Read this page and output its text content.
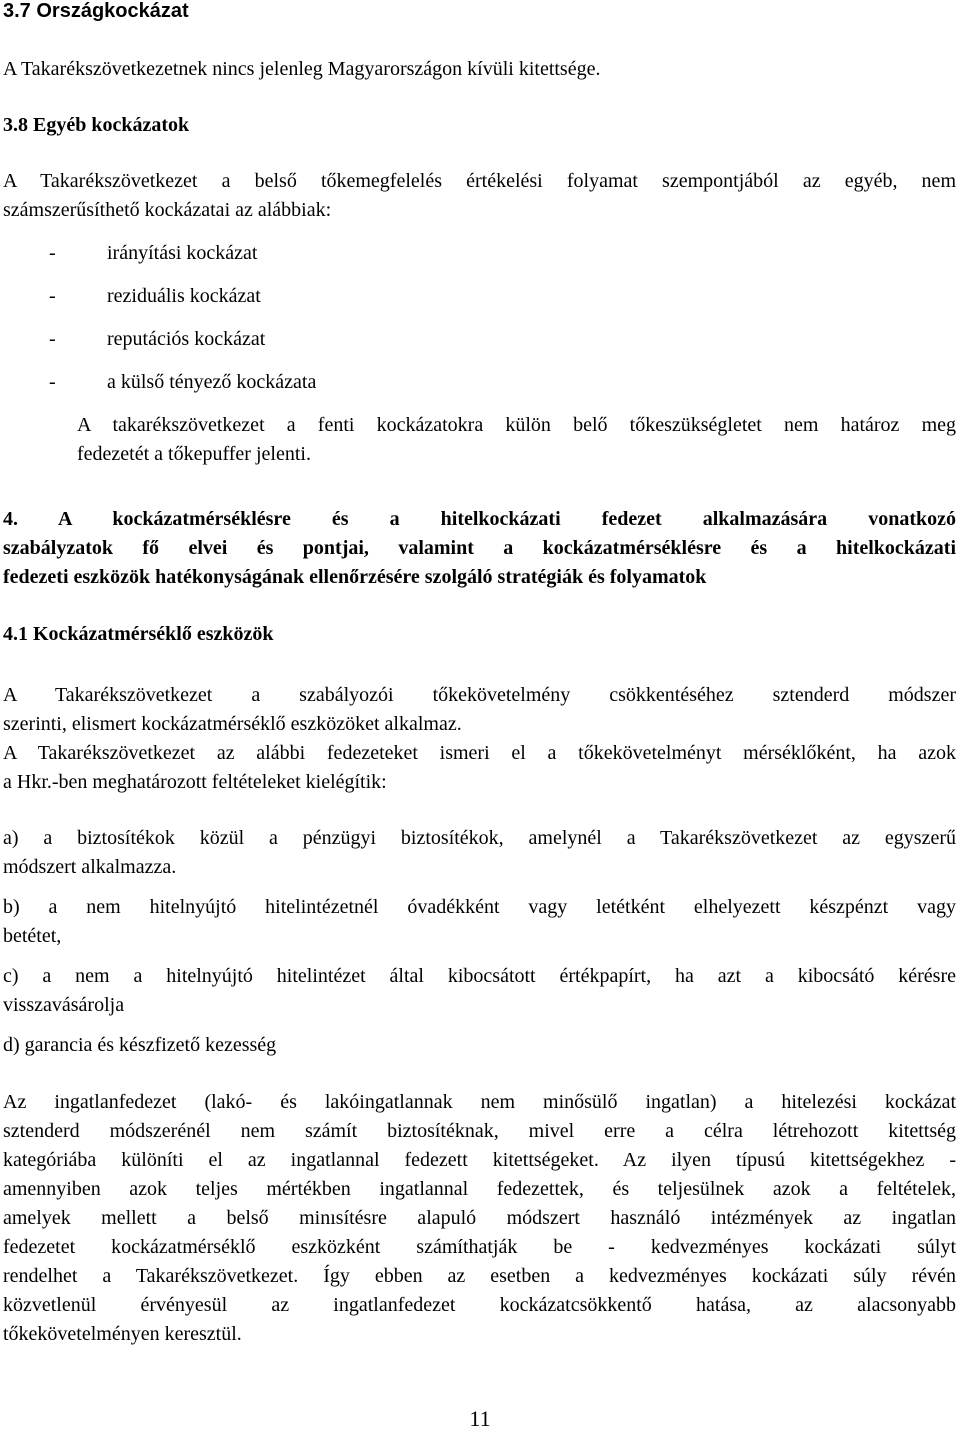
3.7 Országkockázat
A Takarékszövetkezetnek nincs jelenleg Magyarországon kívüli kitettsége.
3.8 Egyéb kockázatok
A Takarékszövetkezet a belső tőkemegfelelés értékelési folyamat szempontjából az egyéb, nem
számszerűsíthető kockázatai az alábbiak:
-	irányítási kockázat
-	reziduális kockázat
-	reputációs kockázat
-	a külső tényező kockázata
A takarékszövetkezet a fenti kockázatokra külön belő tőkeszükségletet nem határoz meg
fedezetét a tőkepuffer jelenti.
4. A kockázatmérséklésre és a hitelkockázati fedezet alkalmazására vonatkozó
szabályzatok fő elvei és pontjai, valamint a kockázatmérséklésre és a hitelkockázati
fedezeti eszközök hatékonyságának ellenőrzésére szolgáló stratégiák és folyamatok
4.1 Kockázatmérséklő eszközök
A Takarékszövetkezet a szabályozói tőkekövetelmény csökkentéséhez sztenderd módszer
szerinti, elismert kockázatmérséklő eszközöket alkalmaz.
A Takarékszövetkezet az alábbi fedezeteket ismeri el a tőkekövetelményt mérséklőként, ha azok
a Hkr.-ben meghatározott feltételeket kielégítik:
a) a biztosítékok közül a pénzügyi biztosítékok, amelynél a Takarékszövetkezet az egyszerű
módszert alkalmazza.
b) a nem hitelnyújtó hitelintézetnél óvadékként vagy letétként elhelyezett készpénzt vagy
betétet,
c) a nem a hitelnyújtó hitelintézet által kibocsátott értékpapírt, ha azt a kibocsátó kérésre
visszavásárolja
d) garancia és készfizető kezesség
Az ingatlanfedezet (lakó- és lakóingatlannak nem minősülő ingatlan) a hitelezési kockázat
sztenderd módszerénél nem számít biztosítéknak, mivel erre a célra létrehozott kitettség
kategóriába különíti el az ingatlannal fedezett kitettségeket. Az ilyen típusú kitettségekhez -
amennyiben azok teljes mértékben ingatlannal fedezettek, és teljesülnek azok a feltételek,
amelyek mellett a belső minısítésre alapuló módszert használó intézmények az ingatlan
fedezetet kockázatmérséklő eszközként számíthatják be - kedvezményes kockázati súlyt
rendelhet a Takarékszövetkezet. Így ebben az esetben a kedvezményes kockázati súly révén
közvetlenül érvényesül az ingatlanfedezet kockázatcsökkentő hatása, az alacsonyabb
tőkekövetelményen keresztül.
11
